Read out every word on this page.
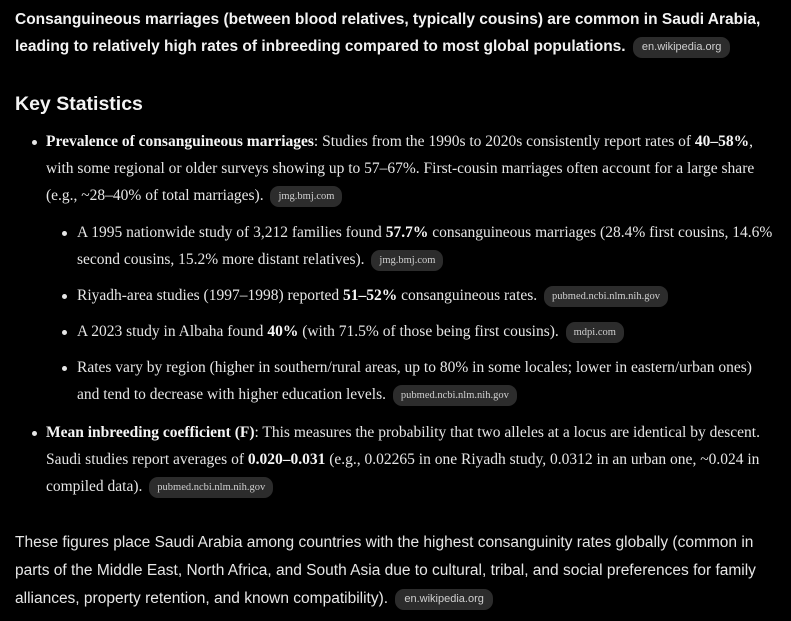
Consanguineous marriages (between blood relatives, typically cousins) are common in Saudi Arabia, leading to relatively high rates of inbreeding compared to most global populations. en.wikipedia.org

Key Statistics
Prevalence of consanguineous marriages: Studies from the 1990s to 2020s consistently report rates of 40–58%, with some regional or older surveys showing up to 57–67%. First-cousin marriages often account for a large share (e.g., ~28–40% of total marriages). jmg.bmj.com
A 1995 nationwide study of 3,212 families found 57.7% consanguineous marriages (28.4% first cousins, 14.6% second cousins, 15.2% more distant relatives). jmg.bmj.com
Riyadh-area studies (1997–1998) reported 51–52% consanguineous rates. pubmed.ncbi.nlm.nih.gov
A 2023 study in Albaha found 40% (with 71.5% of those being first cousins). mdpi.com
Rates vary by region (higher in southern/rural areas, up to 80% in some locales; lower in eastern/urban ones) and tend to decrease with higher education levels. pubmed.ncbi.nlm.nih.gov
Mean inbreeding coefficient (F): This measures the probability that two alleles at a locus are identical by descent. Saudi studies report averages of 0.020–0.031 (e.g., 0.02265 in one Riyadh study, 0.0312 in an urban one, ~0.024 in compiled data). pubmed.ncbi.nlm.nih.gov

These figures place Saudi Arabia among countries with the highest consanguinity rates globally (common in parts of the Middle East, North Africa, and South Asia due to cultural, tribal, and social preferences for family alliances, property retention, and known compatibility). en.wikipedia.org
